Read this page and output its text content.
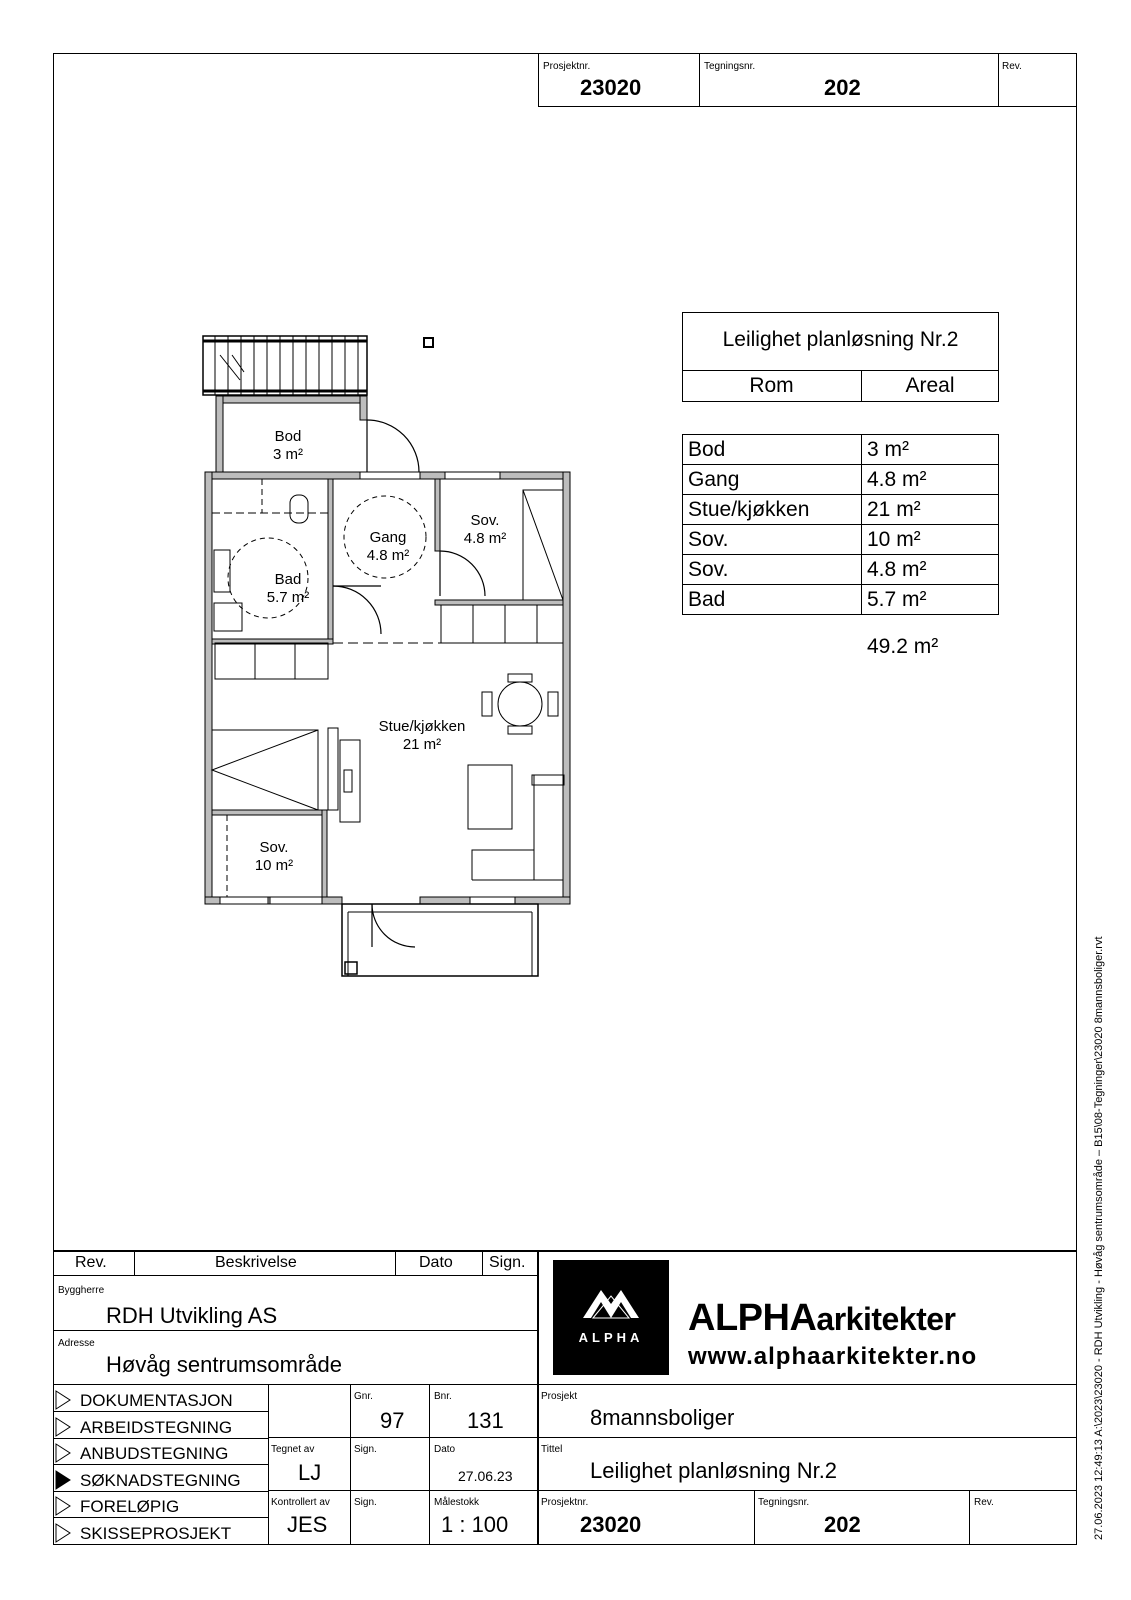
Prosjektnr.
23020
Tegningsnr.
202
Rev.
Leilighet planløsning Nr.2
Rom	Areal
Bod	3 m²
Gang	4.8 m²
Stue/kjøkken	21 m²
Sov.	10 m²
Sov.	4.8 m²
Bad	5.7 m²
49.2 m²
Bod
3 m²
Gang
4.8 m²
Sov.
4.8 m²
Bad
5.7 m²
Stue/kjøkken
21 m²
Sov.
10 m²
Rev.	Beskrivelse	Dato Sign.
Byggherre
RDH Utvikling AS
Adresse
Høvåg sentrumsområde
DOKUMENTASJON
ARBEIDSTEGNING
ANBUDSTEGNING
SØKNADSTEGNING
FORELØPIG
SKISSEPROSJEKT
Gnr.
97
Bnr.
131
Tegnet av
LJ
Sign.	Dato
27.06.23
Kontrollert av
JES
Sign.	Målestokk
1 : 100
Prosjekt
8mannsboliger
Tittel
Leilighet planløsning Nr.2
Prosjektnr.
23020
Tegningsnr.
202
Rev.
ALPHA	ALPHAarkitekter
www.alphaarkitekter.no	27.06.2023 12:49:13 A:\2023\23020 - RDH Utvikling - Høvåg sentrumsområde – B15\08-Tegninger\23020 8mannsboliger.rvt
